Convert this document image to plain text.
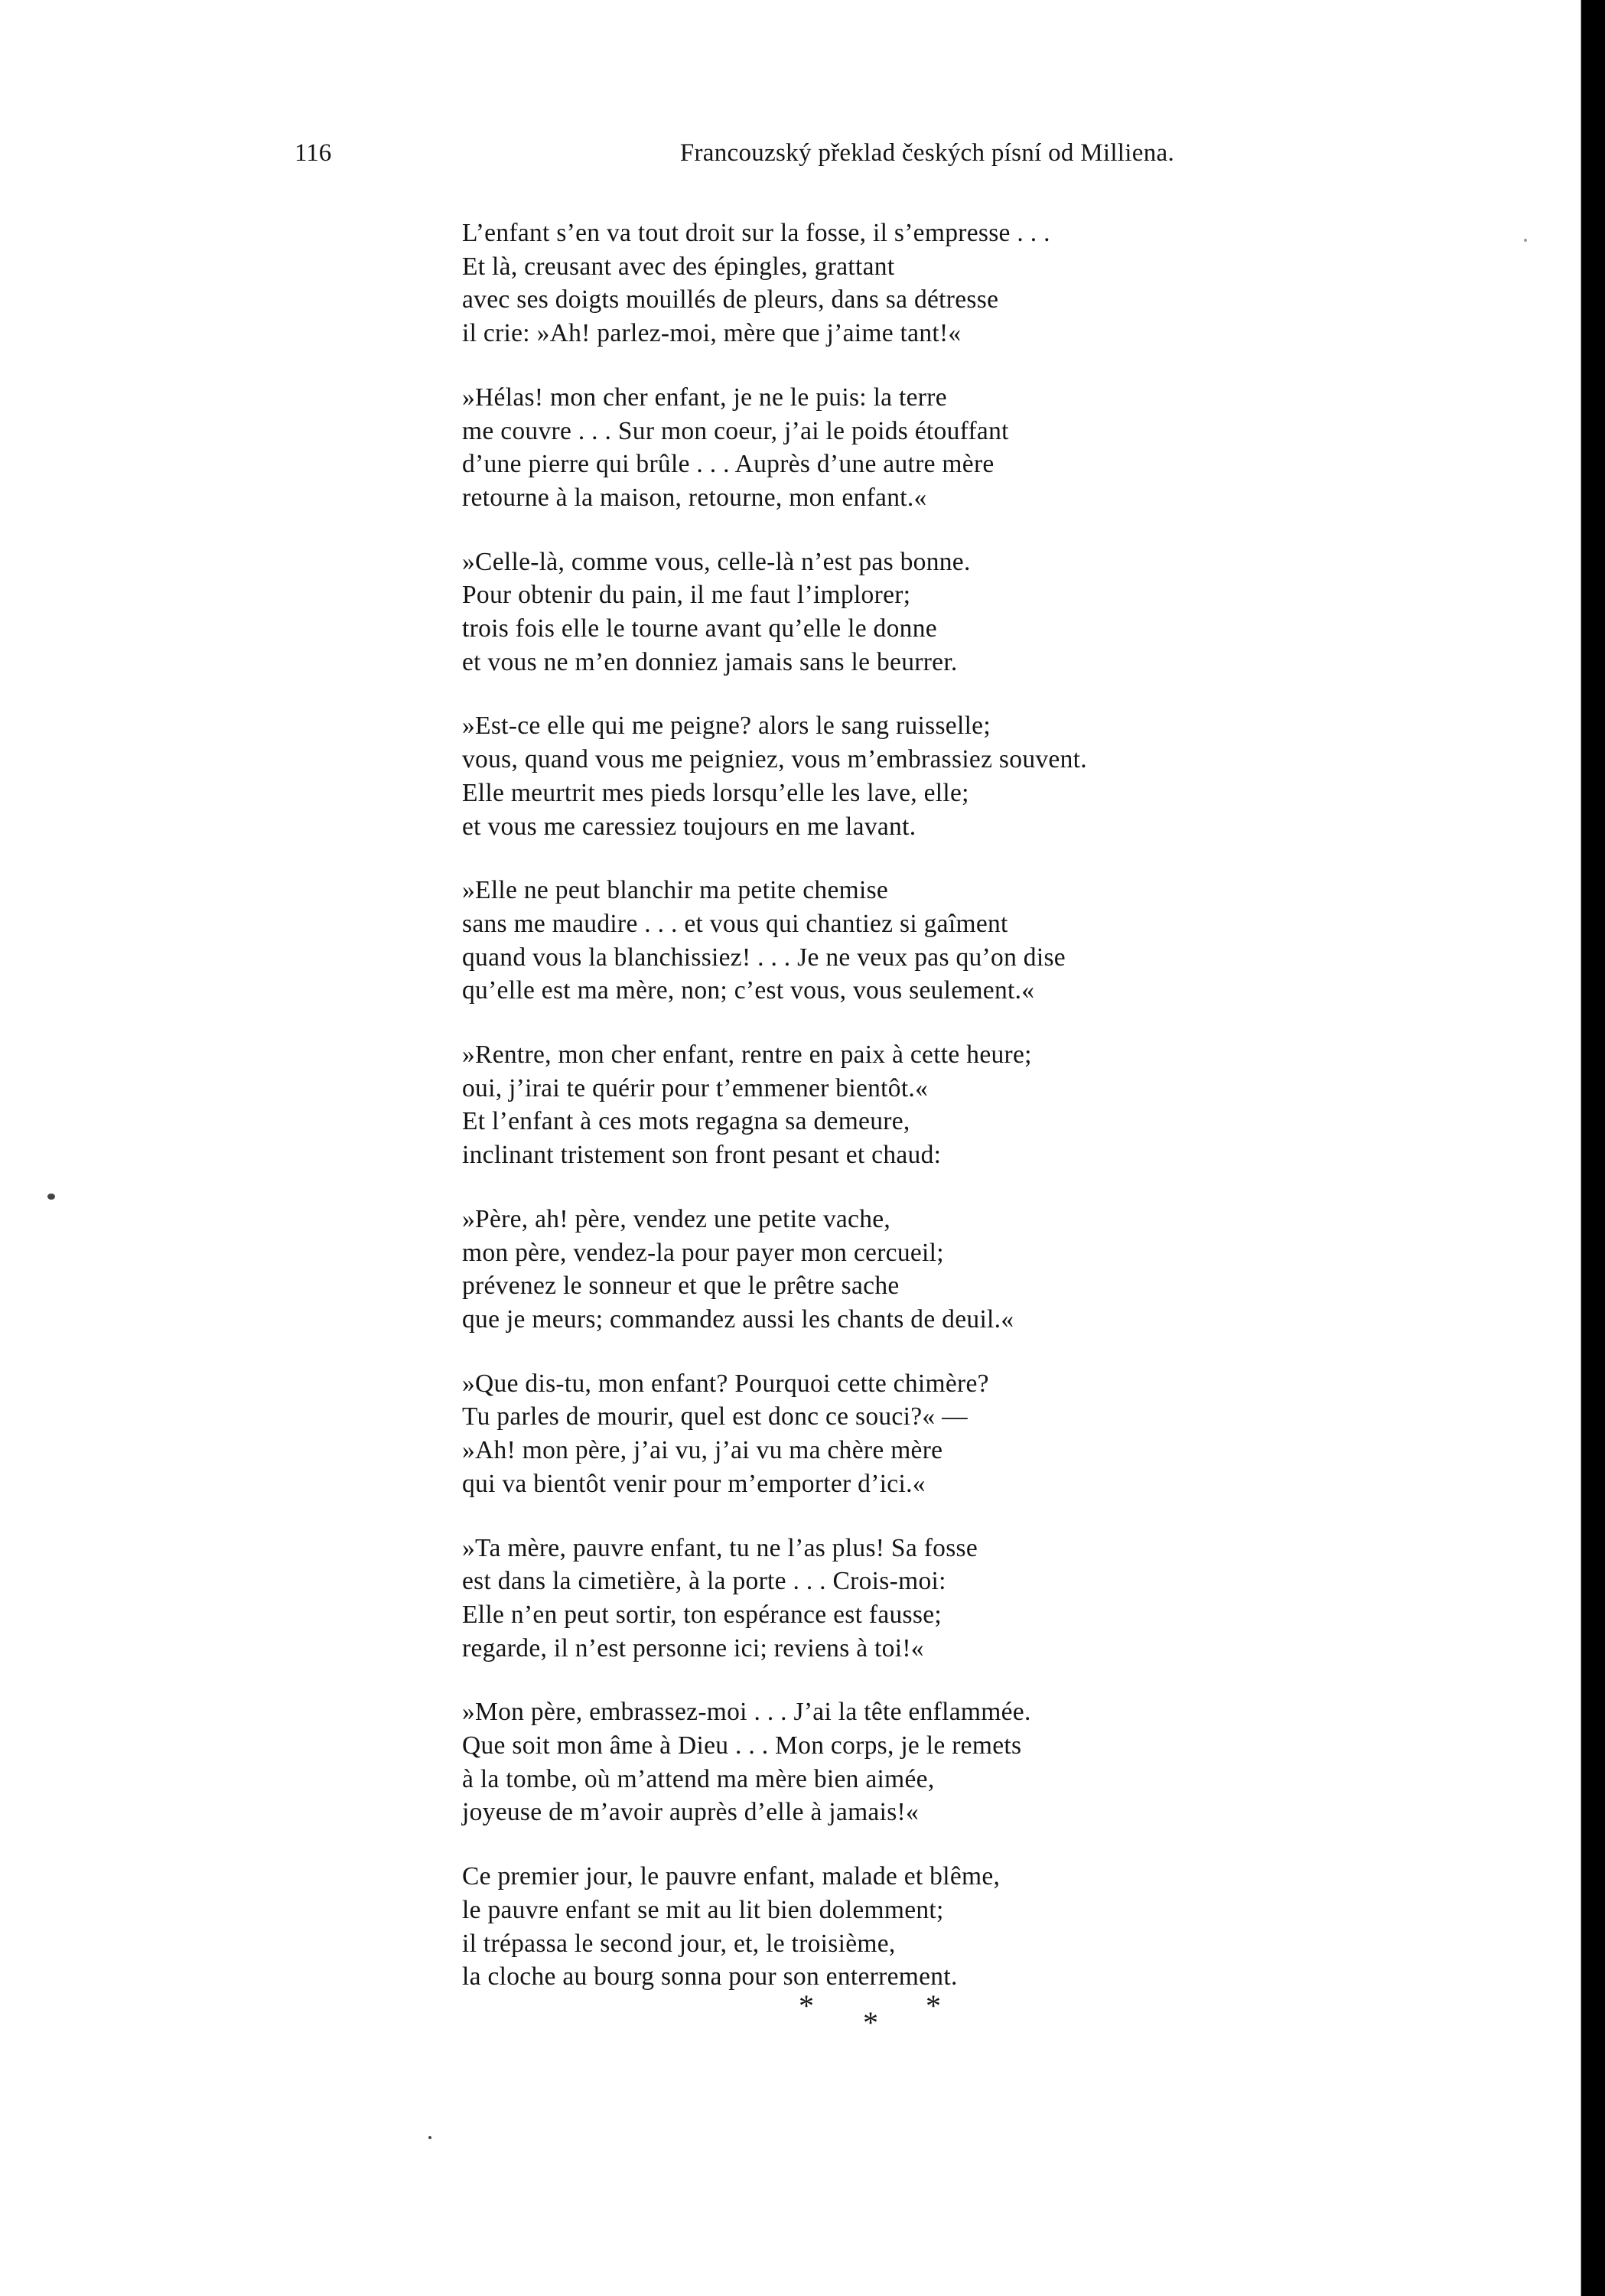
116	Francouzský překlad českých písní od Milliena.
L’enfant s’en va tout droit sur la fosse, il s’empresse . . .
Et là, creusant avec des épingles, grattant
avec ses doigts mouillés de pleurs, dans sa détresse
il crie: »Ah! parlez-moi, mère que j’aime tant!«
»Hélas! mon cher enfant, je ne le puis: la terre
me couvre . . . Sur mon coeur, j’ai le poids étouffant
d’une pierre qui brûle . . . Auprès d’une autre mère
retourne à la maison, retourne, mon enfant.«
»Celle-là, comme vous, celle-là n’est pas bonne.
Pour obtenir du pain, il me faut l’implorer;
trois fois elle le tourne avant qu’elle le donne
et vous ne m’en donniez jamais sans le beurrer.
»Est-ce elle qui me peigne? alors le sang ruisselle;
vous, quand vous me peigniez, vous m’embrassiez souvent.
Elle meurtrit mes pieds lorsqu’elle les lave, elle;
et vous me caressiez toujours en me lavant.
»Elle ne peut blanchir ma petite chemise
sans me maudire . . . et vous qui chantiez si gaîment
quand vous la blanchissiez! . . . Je ne veux pas qu’on dise
qu’elle est ma mère, non; c’est vous, vous seulement.«
»Rentre, mon cher enfant, rentre en paix à cette heure;
oui, j’irai te quérir pour t’emmener bientôt.«
Et l’enfant à ces mots regagna sa demeure,
inclinant tristement son front pesant et chaud:
»Père, ah! père, vendez une petite vache,
mon père, vendez-la pour payer mon cercueil;
prévenez le sonneur et que le prêtre sache
que je meurs; commandez aussi les chants de deuil.«
»Que dis-tu, mon enfant? Pourquoi cette chimère?
Tu parles de mourir, quel est donc ce souci?« —
»Ah! mon père, j’ai vu, j’ai vu ma chère mère
qui va bientôt venir pour m’emporter d’ici.«
»Ta mère, pauvre enfant, tu ne l’as plus! Sa fosse
est dans la cimetière, à la porte . . . Crois-moi:
Elle n’en peut sortir, ton espérance est fausse;
regarde, il n’est personne ici; reviens à toi!«
»Mon père, embrassez-moi . . . J’ai la tête enflammée.
Que soit mon âme à Dieu . . . Mon corps, je le remets
à la tombe, où m’attend ma mère bien aimée,
joyeuse de m’avoir auprès d’elle à jamais!«
Ce premier jour, le pauvre enfant, malade et blême,
le pauvre enfant se mit au lit bien dolemment;
il trépassa le second jour, et, le troisième,
la cloche au bourg sonna pour son enterrement.
* * *
